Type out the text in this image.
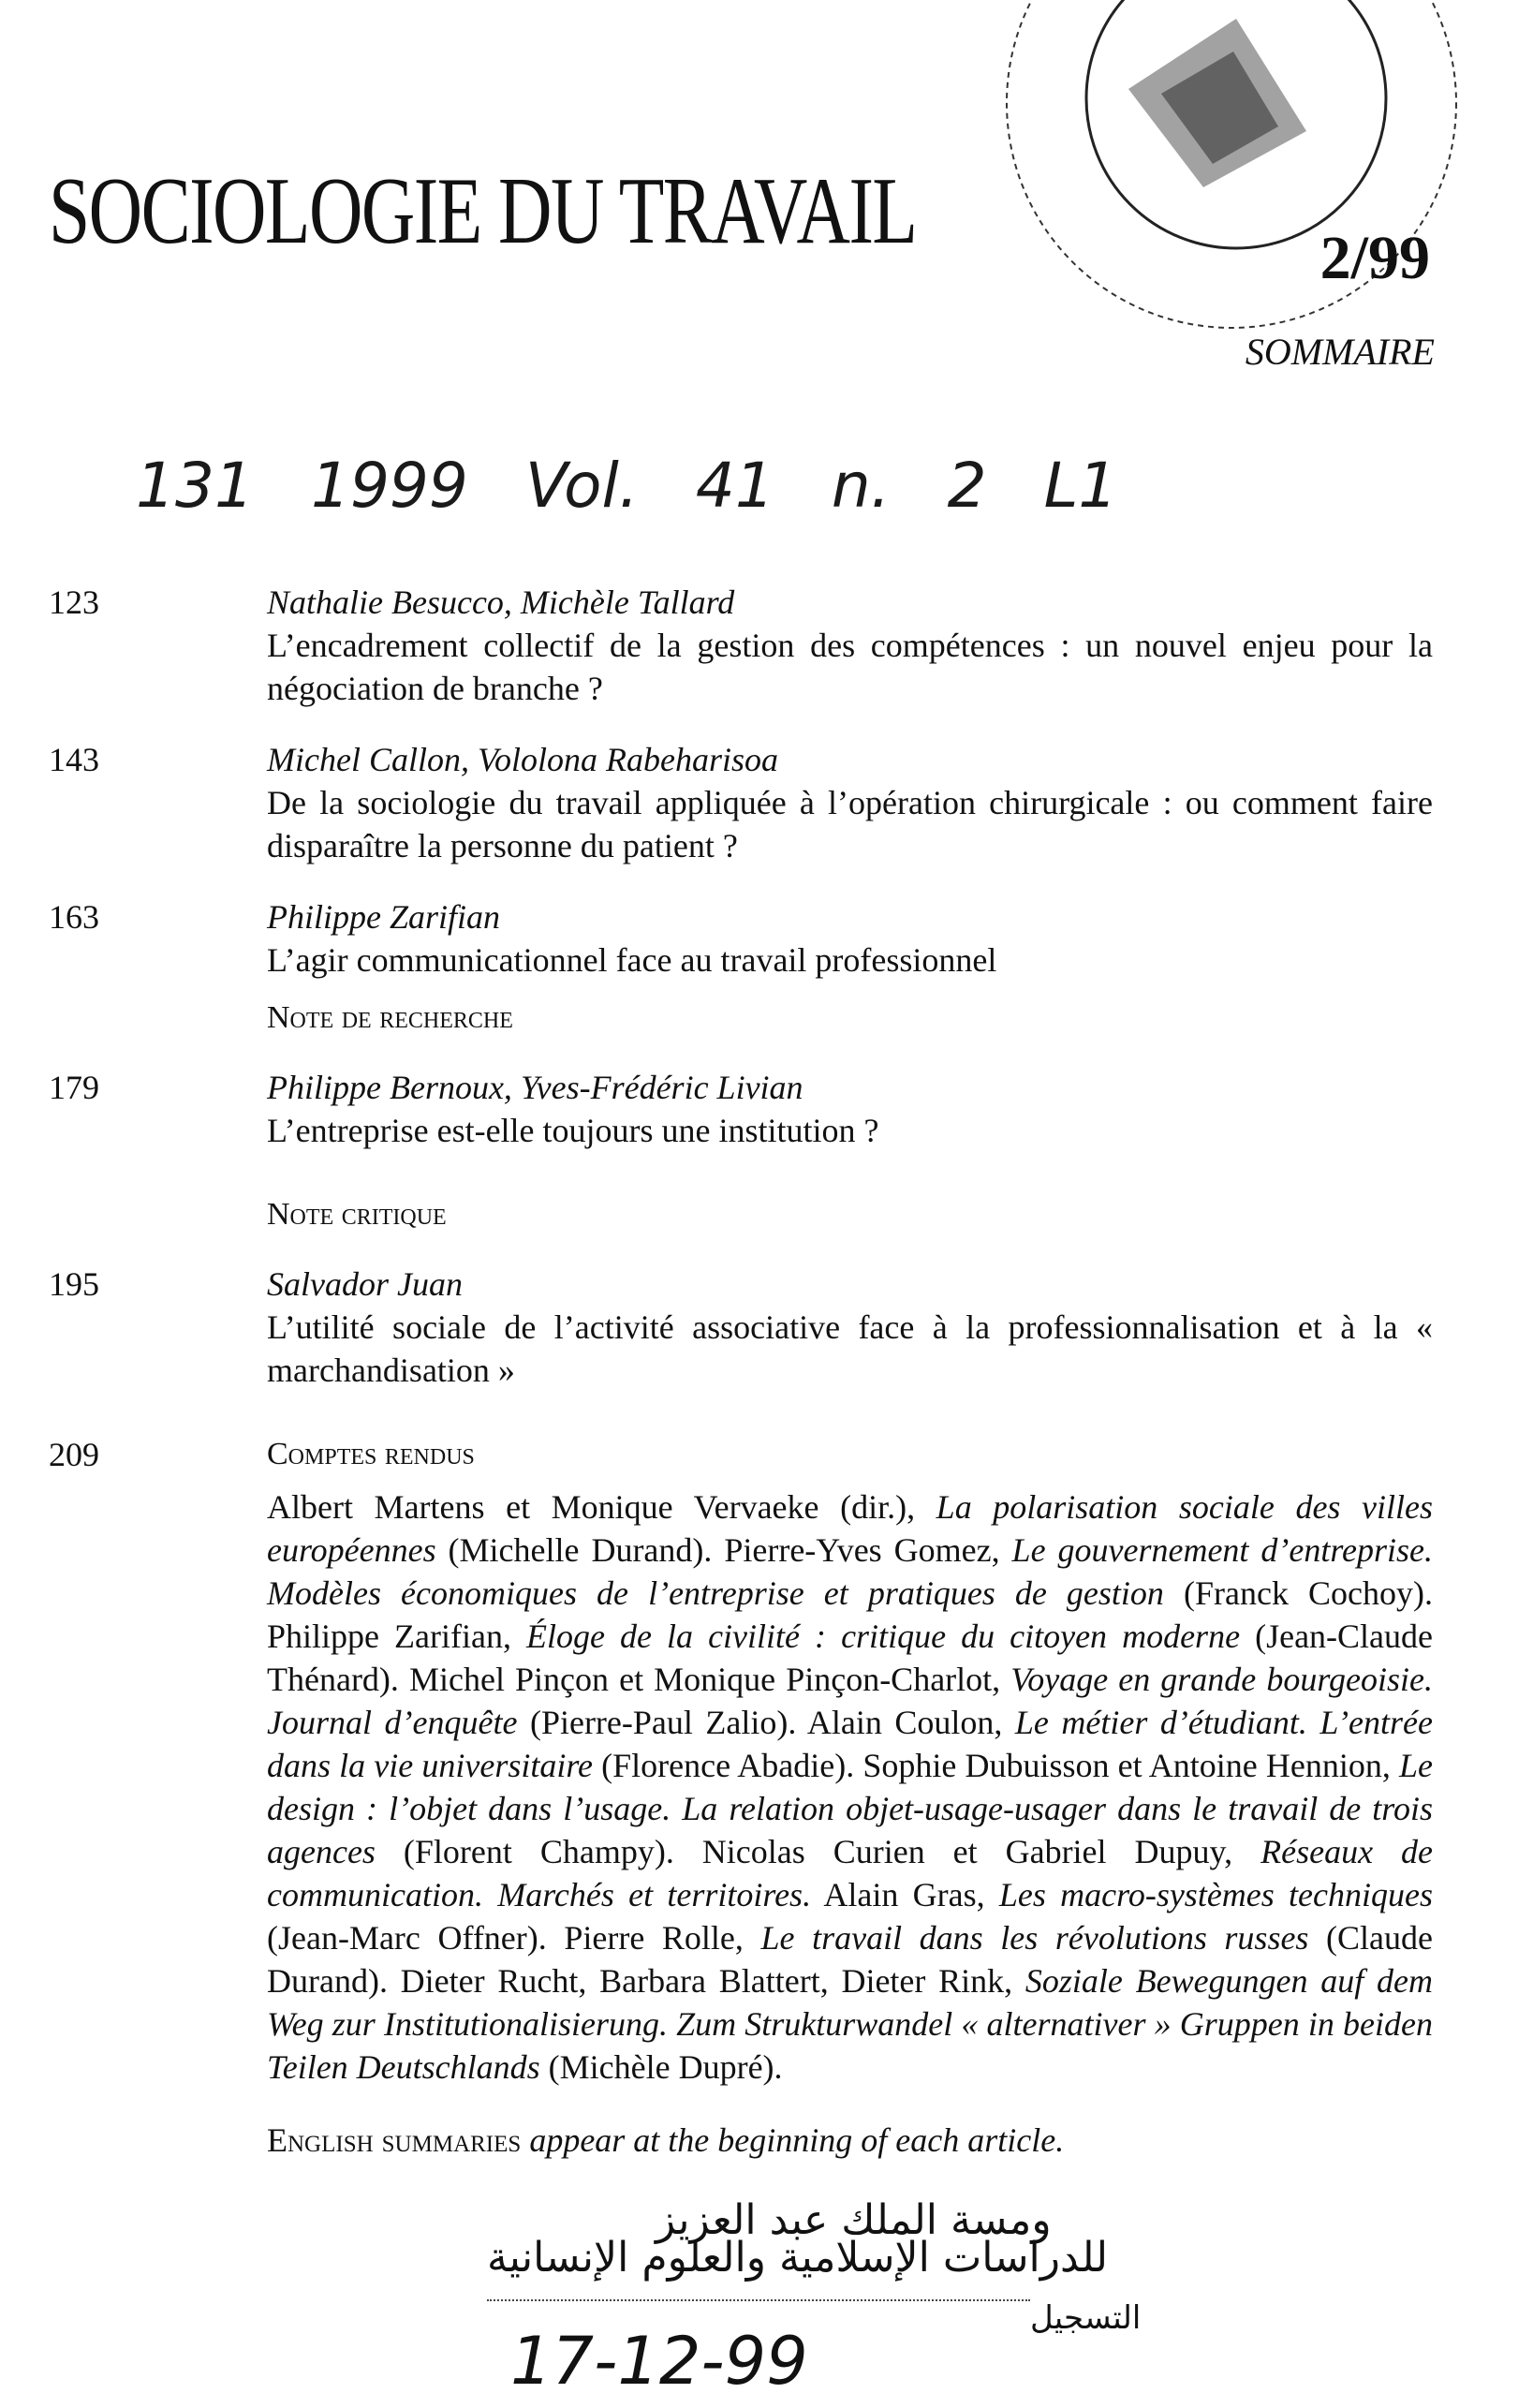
SOCIOLOGIE DU TRAVAIL	2/99
SOMMAIRE
131 1999 Vol. 41 n. 2 L1
123	Nathalie Besucco, Michèle Tallard
L’encadrement collectif de la gestion des compétences : un nouvel enjeu pour la négociation de branche ?
143	Michel Callon, Vololona Rabeharisoa
De la sociologie du travail appliquée à l’opération chirurgicale : ou comment faire disparaître la personne du patient ?
163	Philippe Zarifian
L’agir communicationnel face au travail professionnel
Note de recherche
179	Philippe Bernoux, Yves-Frédéric Livian
L’entreprise est-elle toujours une institution ?
Note critique
195	Salvador Juan
L’utilité sociale de l’activité associative face à la professionnalisation et à la « marchandisation »
209	Comptes rendus
Albert Martens et Monique Vervaeke (dir.), La polarisation sociale des villes européennes (Michelle Durand). Pierre-Yves Gomez, Le gouvernement d’entreprise. Modèles économiques de l’entreprise et pratiques de gestion (Franck Cochoy). Philippe Zarifian, Éloge de la civilité : critique du citoyen moderne (Jean-Claude Thénard). Michel Pinçon et Monique Pinçon-Charlot, Voyage en grande bourgeoisie. Journal d’enquête (Pierre-Paul Zalio). Alain Coulon, Le métier d’étudiant. L’entrée dans la vie universitaire (Florence Abadie). Sophie Dubuisson et Antoine Hennion, Le design : l’objet dans l’usage. La relation objet-usage-usager dans le travail de trois agences (Florent Champy). Nicolas Curien et Gabriel Dupuy, Réseaux de communication. Marchés et territoires. Alain Gras, Les macro-systèmes techniques (Jean-Marc Offner). Pierre Rolle, Le travail dans les révolutions russes (Claude Durand). Dieter Rucht, Barbara Blattert, Dieter Rink, Soziale Bewegungen auf dem Weg zur Institutionalisierung. Zum Strukturwandel « alternativer » Gruppen in beiden Teilen Deutschlands (Michèle Dupré).
English summaries appear at the beginning of each article.
ومسة الملك عبد العزيز
للدراسات الإسلامية والعلوم الإنسانية
التسجيل
17-12-99
